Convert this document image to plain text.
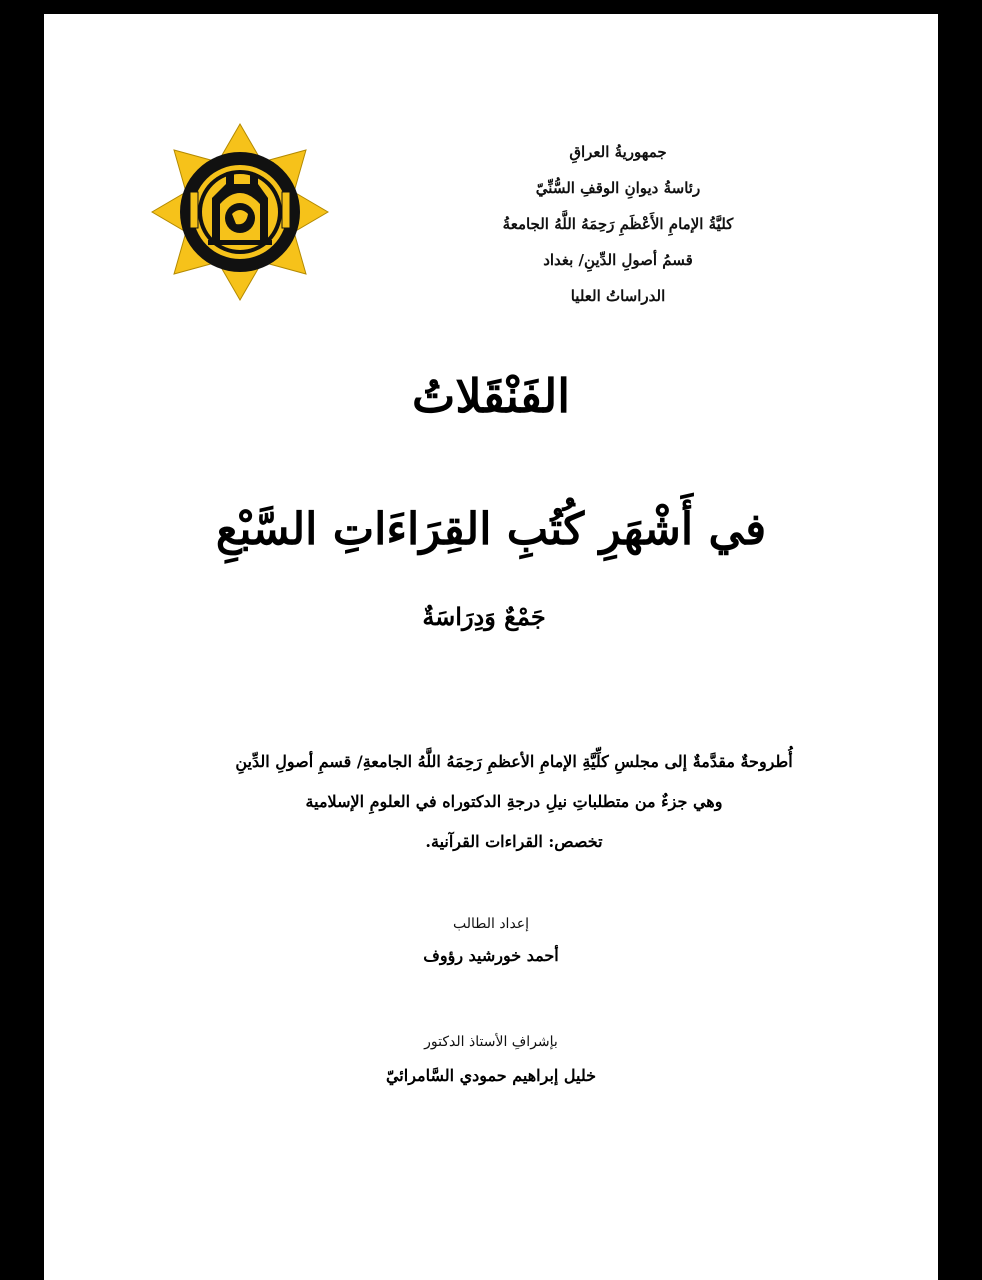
جمهوريةُ العراقِ
رئاسةُ ديوانِ الوقفِ السُّنِّيّ
كليَّةُ الإمامِ الأَعْظَمِ رَحِمَهُ اللَّهُ الجامعةُ
قسمُ أصولِ الدِّينِ/ بغداد
الدراساتُ العليا
الفَنْقَلاتُ
في أَشْهَرِ كُتُبِ القِرَاءَاتِ السَّبْعِ
جَمْعٌ وَدِرَاسَةٌ
أُطروحةٌ مقدَّمةٌ إلى مجلسِ كلِّيَّةِ الإمامِ الأعظمِ رَحِمَهُ اللَّهُ الجامعةِ/ قسمِ أصولِ الدِّينِ
وهي جزءٌ من متطلباتِ نيلِ درجةِ الدكتوراه في العلومِ الإسلامية
تخصص: القراءات القرآنية.
إعداد الطالب
أحمد خورشيد رؤوف
بإشرافِ الأستاذ الدكتور
خليل إبراهيم حمودي السَّامرائيّ
